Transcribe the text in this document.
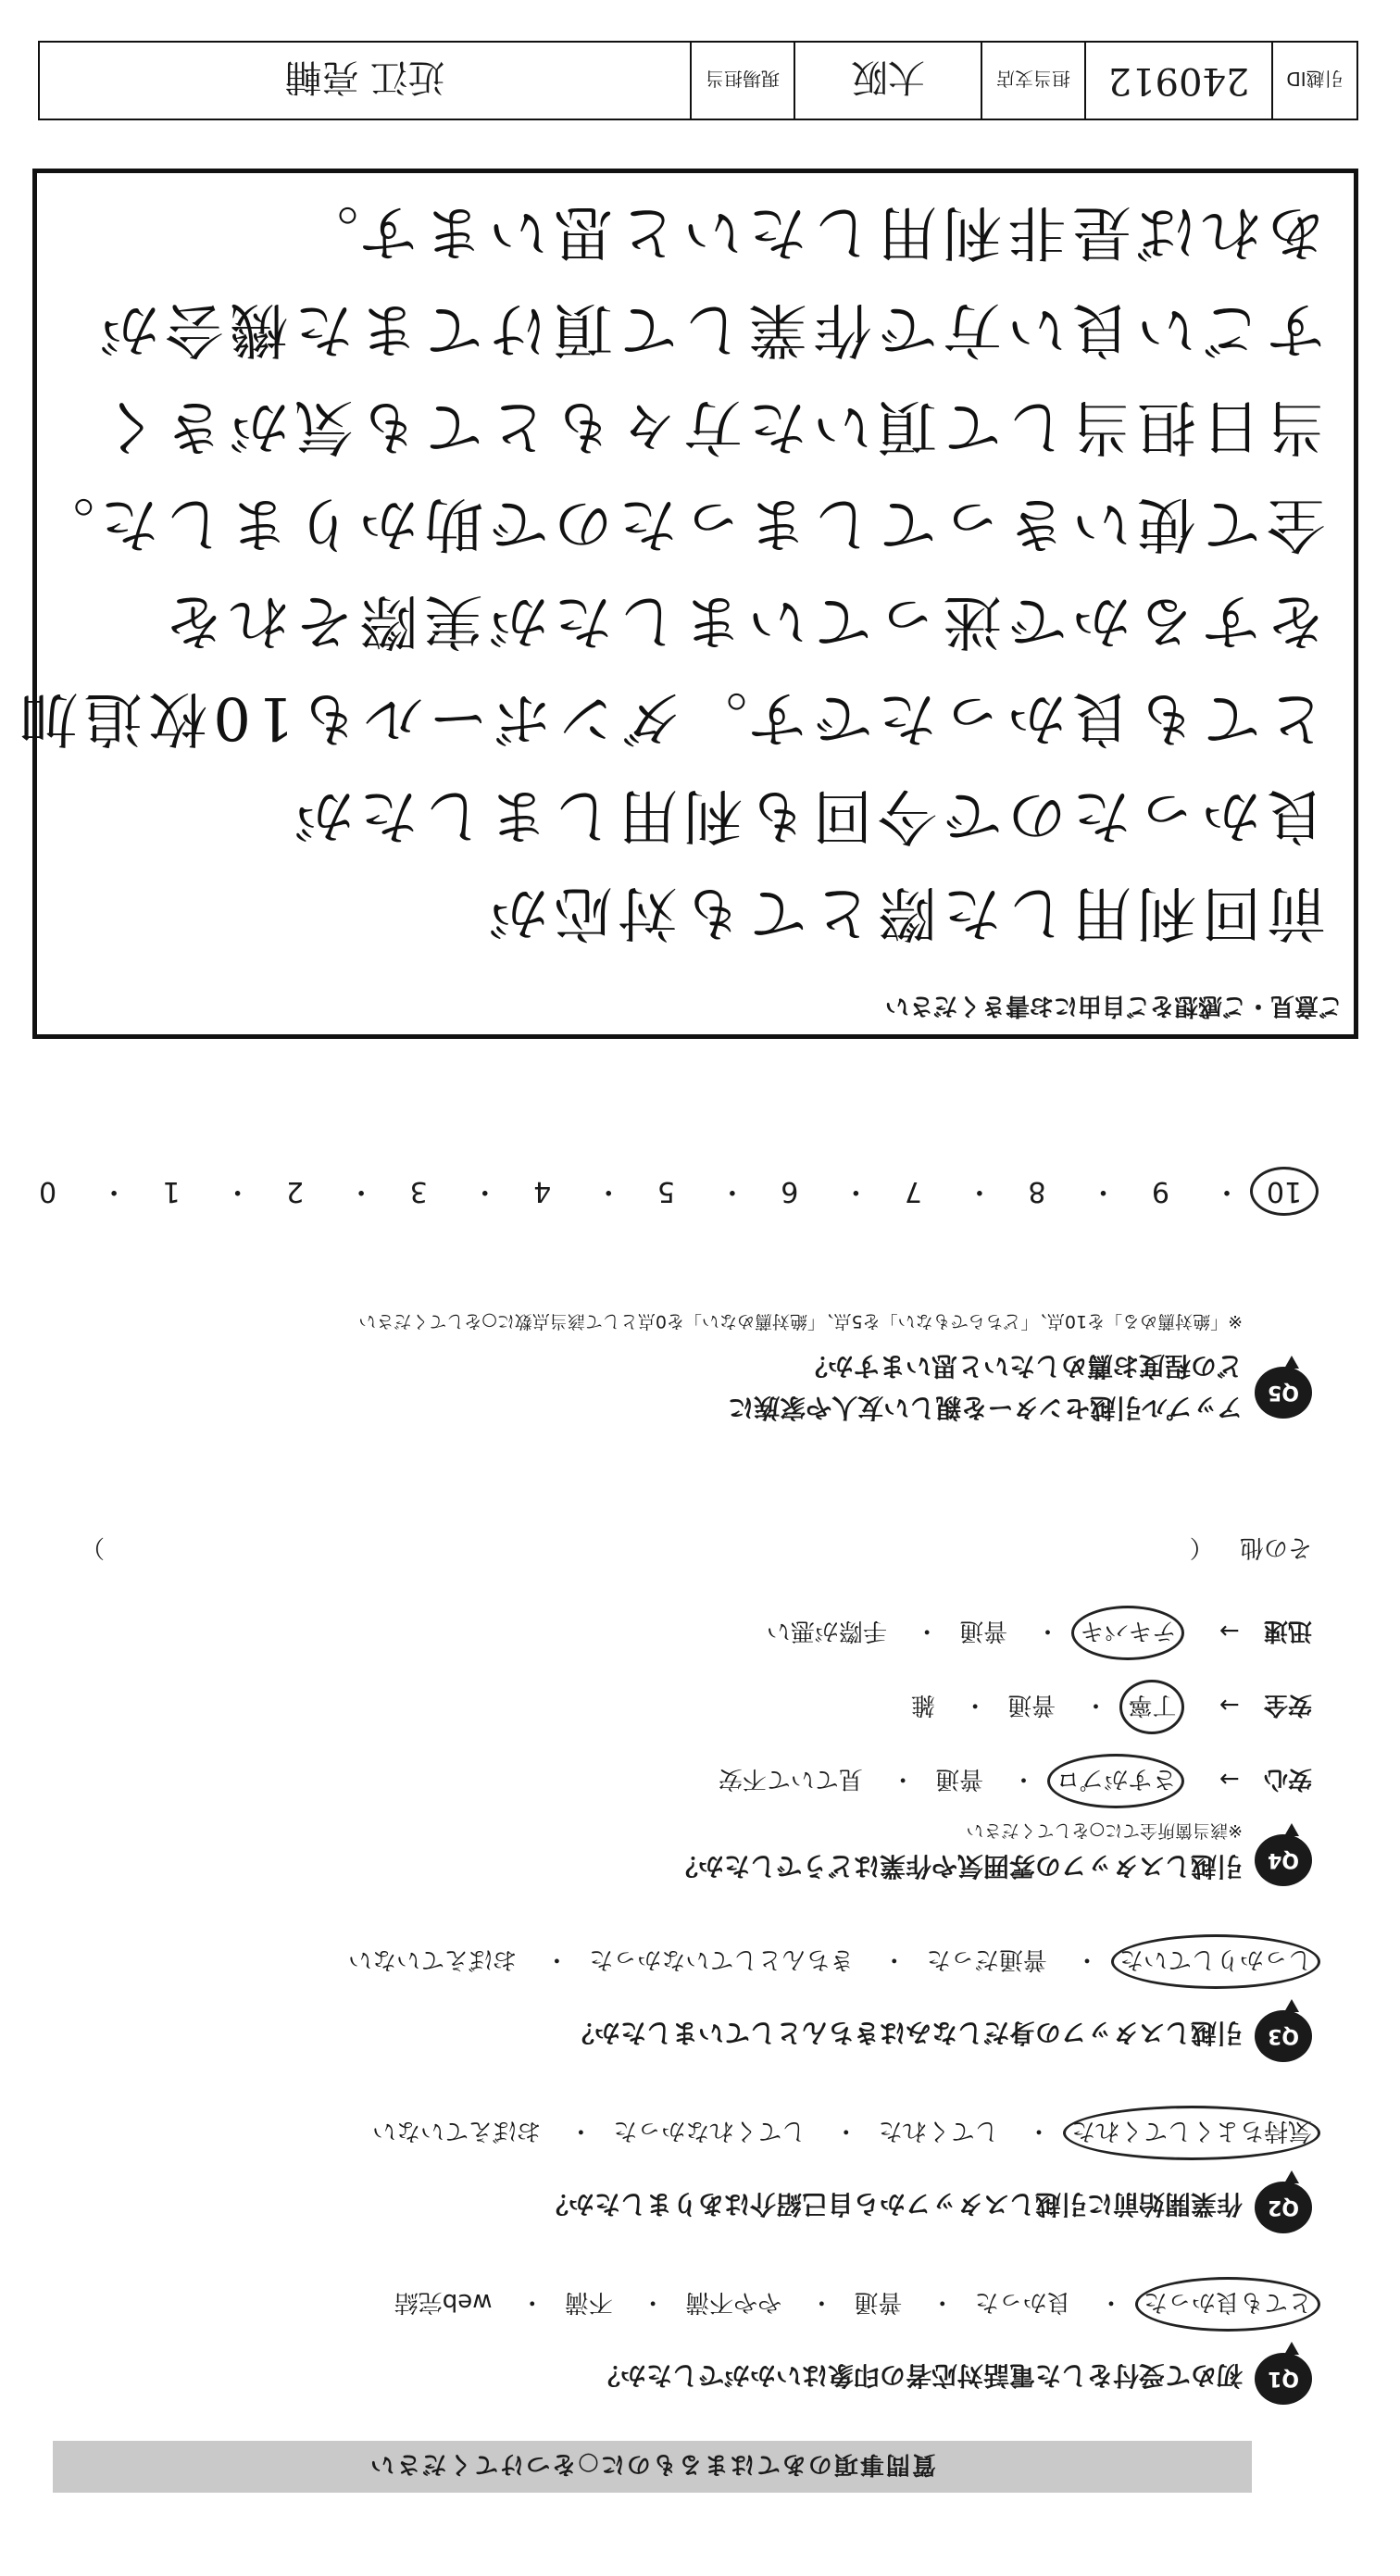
質問事項のあてはまるものに○をつけてください
Q1
初めて受付をした電話対応者の印象はいかがでしたか？
とても良かった・ 良かった・ 普通・ やや不満・ 不満・ web完結
Q2
作業開始前に引越しスタッフから自己紹介はありましたか？
気持ちよくしてくれた・ してくれた・ してくれなかった・ おぼえていない
Q3
引越しスタッフの身だしなみはきちんとしていましたか？
しっかりしていた・ 普通だった・ きちんとしていなかった・ おぼえていない
Q4
引越しスタッフの雰囲気や作業はどうでしたか？
※該当箇所全てに○をしてください
安心 → さすがプロ・ 普通・ 見ていて不安
安全 → 丁寧・ 普通・ 雑
迅速 → テキパキ・ 普通・ 手際が悪い
その他 （
）
Q5
アップル引越センターを親しい友人や家族に
どの程度お薦めしたいと思いますか？
※「絶対薦める」を10点、「どちらでもない」を5点、「絶対薦めない」を0点として該当点数に○をしてください
10・ 9・ 8・ 7・ 6・ 5・ 4・ 3・ 2・ 1・ 0
ご意見・ご感想をご自由にお書きください
前回利用した際とても対応が
良かったので今回も利用しましたが
とても良かったです。ダンボールも10枚追加
をするかで迷っていましたが実際それを
全て使いきってしまったので助かりました。
当日担当して頂いた方々もとても気がきく
すごい良い方で作業して頂けてまた機会が
あれば是非利用したいと思います。
引越ID
240912
担当支店
大阪
現場担当
近江 亮輔
